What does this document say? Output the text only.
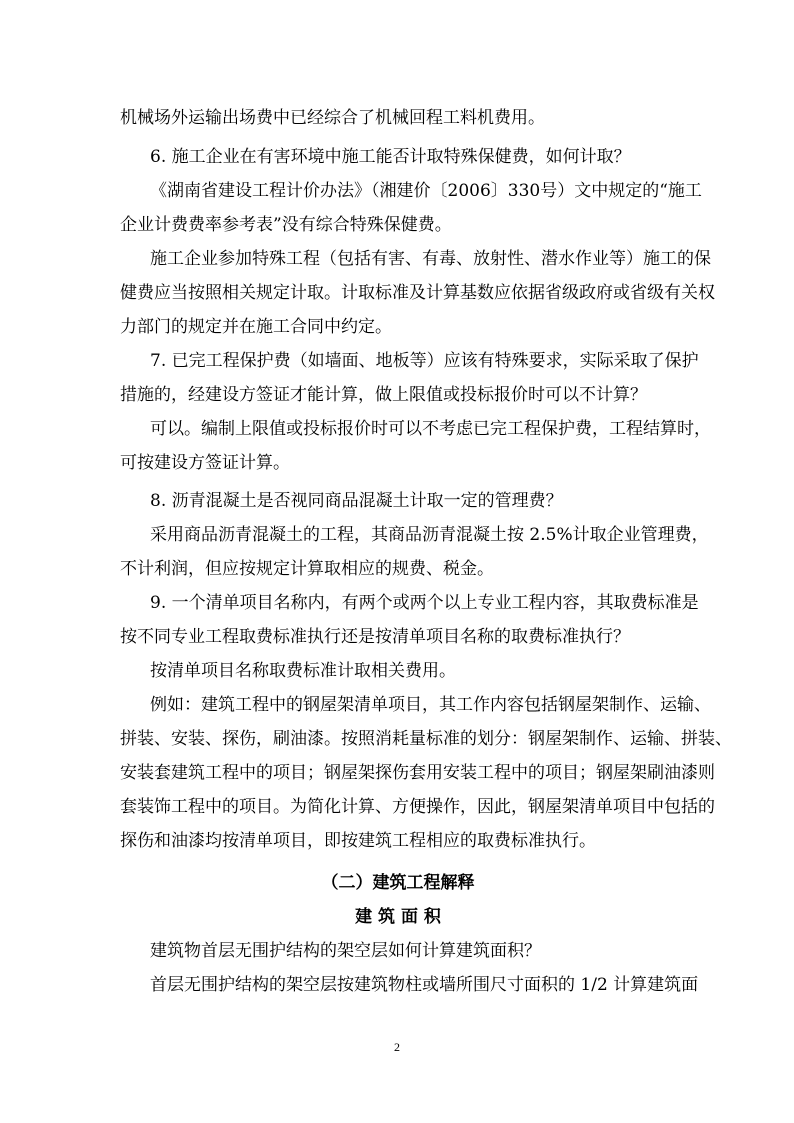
机械场外运输出场费中已经综合了机械回程工料机费用。

6. 施工企业在有害环境中施工能否计取特殊保健费，如何计取？

《湖南省建设工程计价办法》（湘建价〔2006〕330号）文中规定的“施工

企业计费费率参考表”没有综合特殊保健费。

施工企业参加特殊工程（包括有害、有毒、放射性、潜水作业等）施工的保

健费应当按照相关规定计取。计取标准及计算基数应依据省级政府或省级有关权

力部门的规定并在施工合同中约定。

7. 已完工程保护费（如墙面、地板等）应该有特殊要求，实际采取了保护

措施的，经建设方签证才能计算，做上限值或投标报价时可以不计算？

可以。编制上限值或投标报价时可以不考虑已完工程保护费，工程结算时，

可按建设方签证计算。

8. 沥青混凝土是否视同商品混凝土计取一定的管理费？

采用商品沥青混凝土的工程，其商品沥青混凝土按 2.5%计取企业管理费，

不计利润，但应按规定计算取相应的规费、税金。

9. 一个清单项目名称内，有两个或两个以上专业工程内容，其取费标准是

按不同专业工程取费标准执行还是按清单项目名称的取费标准执行？

按清单项目名称取费标准计取相关费用。

例如：建筑工程中的钢屋架清单项目，其工作内容包括钢屋架制作、运输、

拼装、安装、探伤，刷油漆。按照消耗量标准的划分：钢屋架制作、运输、拼装、

安装套建筑工程中的项目；钢屋架探伤套用安装工程中的项目；钢屋架刷油漆则

套装饰工程中的项目。为简化计算、方便操作，因此，钢屋架清单项目中包括的

探伤和油漆均按清单项目，即按建筑工程相应的取费标准执行。

（二）建筑工程解释

建 筑 面 积

建筑物首层无围护结构的架空层如何计算建筑面积？

首层无围护结构的架空层按建筑物柱或墙所围尺寸面积的 1/2 计算建筑面

2
